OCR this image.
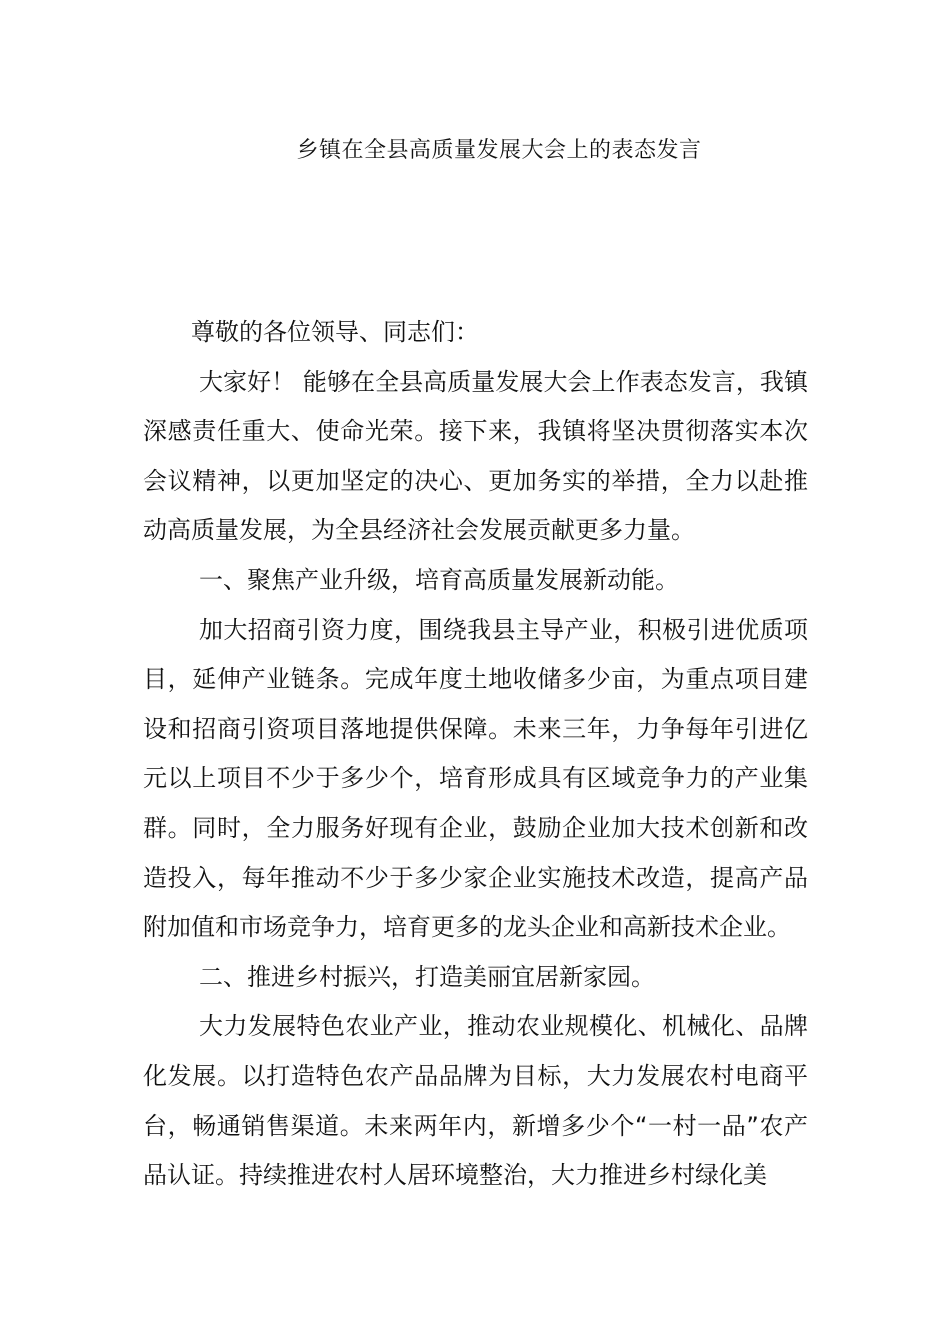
乡镇在全县高质量发展大会上的表态发言

尊敬的各位领导、同志们：

大家好！ 能够在全县高质量发展大会上作表态发言，我镇深感责任重大、使命光荣。接下来，我镇将坚决贯彻落实本次会议精神，以更加坚定的决心、更加务实的举措，全力以赴推动高质量发展，为全县经济社会发展贡献更多力量。

一、聚焦产业升级，培育高质量发展新动能。

加大招商引资力度，围绕我县主导产业，积极引进优质项目，延伸产业链条。完成年度土地收储多少亩，为重点项目建设和招商引资项目落地提供保障。未来三年，力争每年引进亿元以上项目不少于多少个，培育形成具有区域竞争力的产业集群。同时，全力服务好现有企业，鼓励企业加大技术创新和改造投入，每年推动不少于多少家企业实施技术改造，提高产品附加值和市场竞争力，培育更多的龙头企业和高新技术企业。

二、推进乡村振兴，打造美丽宜居新家园。

大力发展特色农业产业，推动农业规模化、机械化、品牌化发展。以打造特色农产品品牌为目标，大力发展农村电商平台，畅通销售渠道。未来两年内，新增多少个“一村一品”农产品认证。持续推进农村人居环境整治，大力推进乡村绿化美
